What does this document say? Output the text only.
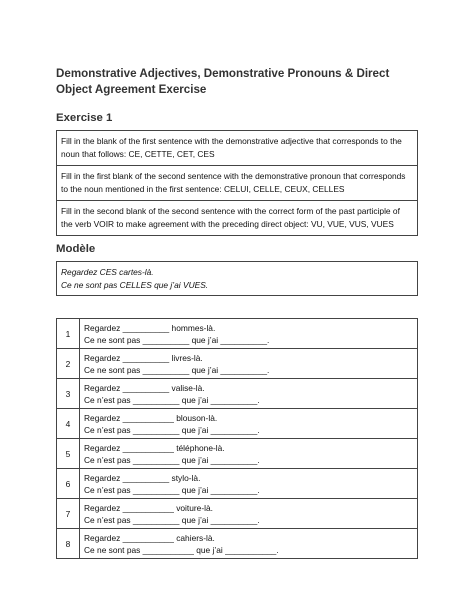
Demonstrative Adjectives, Demonstrative Pronouns & Direct Object Agreement Exercise
Exercise 1
Fill in the blank of the first sentence with the demonstrative adjective that corresponds to the noun that follows: CE, CETTE, CET, CES
Fill in the first blank of the second sentence with the demonstrative pronoun that corresponds to the noun mentioned in the first sentence: CELUI, CELLE, CEUX, CELLES
Fill in the second blank of the second sentence with the correct form of the past participle of the verb VOIR to make agreement with the preceding direct object: VU, VUE, VUS, VUES
Modèle
Regardez CES cartes-là.
Ce ne sont pas CELLES que j’ai VUES.
1	Regardez __________ hommes-là.
Ce ne sont pas __________ que j’ai __________.

2	Regardez __________ livres-là.
Ce ne sont pas __________ que j’ai __________.

3	Regardez __________ valise-là.
Ce n’est pas __________ que j’ai __________.

4	Regardez ___________ blouson-là.
Ce n’est pas __________ que j’ai __________.

5	Regardez ___________ téléphone-là.
Ce n’est pas __________ que j’ai __________.

6	Regardez __________ stylo-là.
Ce n’est pas __________ que j’ai __________.

7	Regardez ___________ voiture-là.
Ce n’est pas __________ que j’ai __________.

8	Regardez ___________ cahiers-là.
Ce ne sont pas ___________ que j’ai ___________.
